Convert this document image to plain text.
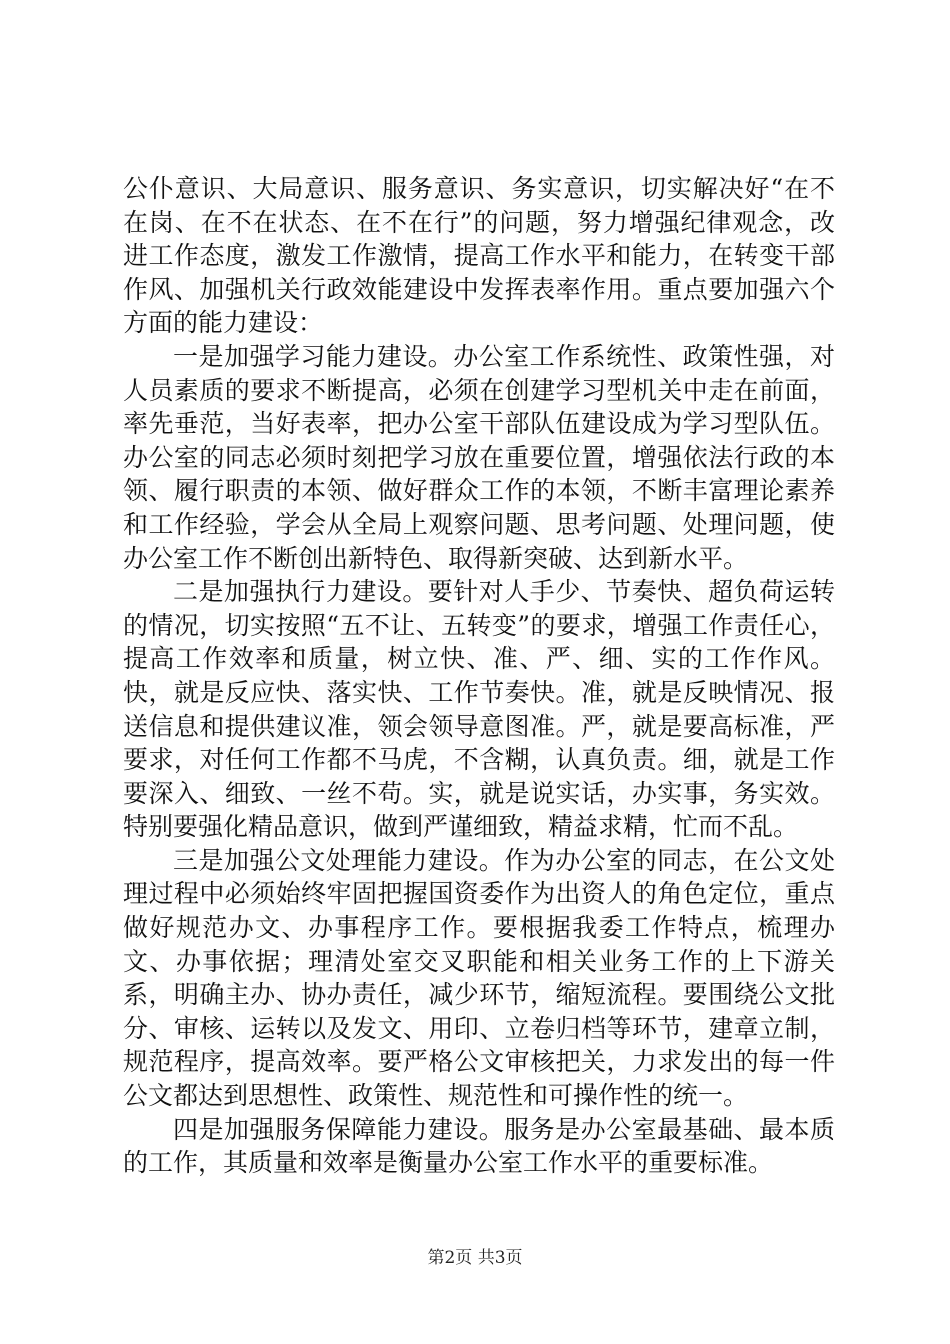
公仆意识、大局意识、服务意识、务实意识，切实解决好“在不在岗、在不在状态、在不在行”的问题，努力增强纪律观念，改进工作态度，激发工作激情，提高工作水平和能力，在转变干部作风、加强机关行政效能建设中发挥表率作用。重点要加强六个方面的能力建设：

一是加强学习能力建设。办公室工作系统性、政策性强，对人员素质的要求不断提高，必须在创建学习型机关中走在前面，率先垂范，当好表率，把办公室干部队伍建设成为学习型队伍。办公室的同志必须时刻把学习放在重要位置，增强依法行政的本领、履行职责的本领、做好群众工作的本领，不断丰富理论素养和工作经验，学会从全局上观察问题、思考问题、处理问题，使办公室工作不断创出新特色、取得新突破、达到新水平。

二是加强执行力建设。要针对人手少、节奏快、超负荷运转的情况，切实按照“五不让、五转变”的要求，增强工作责任心，提高工作效率和质量，树立快、准、严、细、实的工作作风。快，就是反应快、落实快、工作节奏快。准，就是反映情况、报送信息和提供建议准，领会领导意图准。严，就是要高标准，严要求，对任何工作都不马虎，不含糊，认真负责。细，就是工作要深入、细致、一丝不苟。实，就是说实话，办实事，务实效。特别要强化精品意识，做到严谨细致，精益求精，忙而不乱。

三是加强公文处理能力建设。作为办公室的同志，在公文处理过程中必须始终牢固把握国资委作为出资人的角色定位，重点做好规范办文、办事程序工作。要根据我委工作特点，梳理办文、办事依据；理清处室交叉职能和相关业务工作的上下游关系，明确主办、协办责任，减少环节，缩短流程。要围绕公文批分、审核、运转以及发文、用印、立卷归档等环节，建章立制，规范程序，提高效率。要严格公文审核把关，力求发出的每一件公文都达到思想性、政策性、规范性和可操作性的统一。

四是加强服务保障能力建设。服务是办公室最基础、最本质的工作，其质量和效率是衡量办公室工作水平的重要标准。

第2页 共3页
